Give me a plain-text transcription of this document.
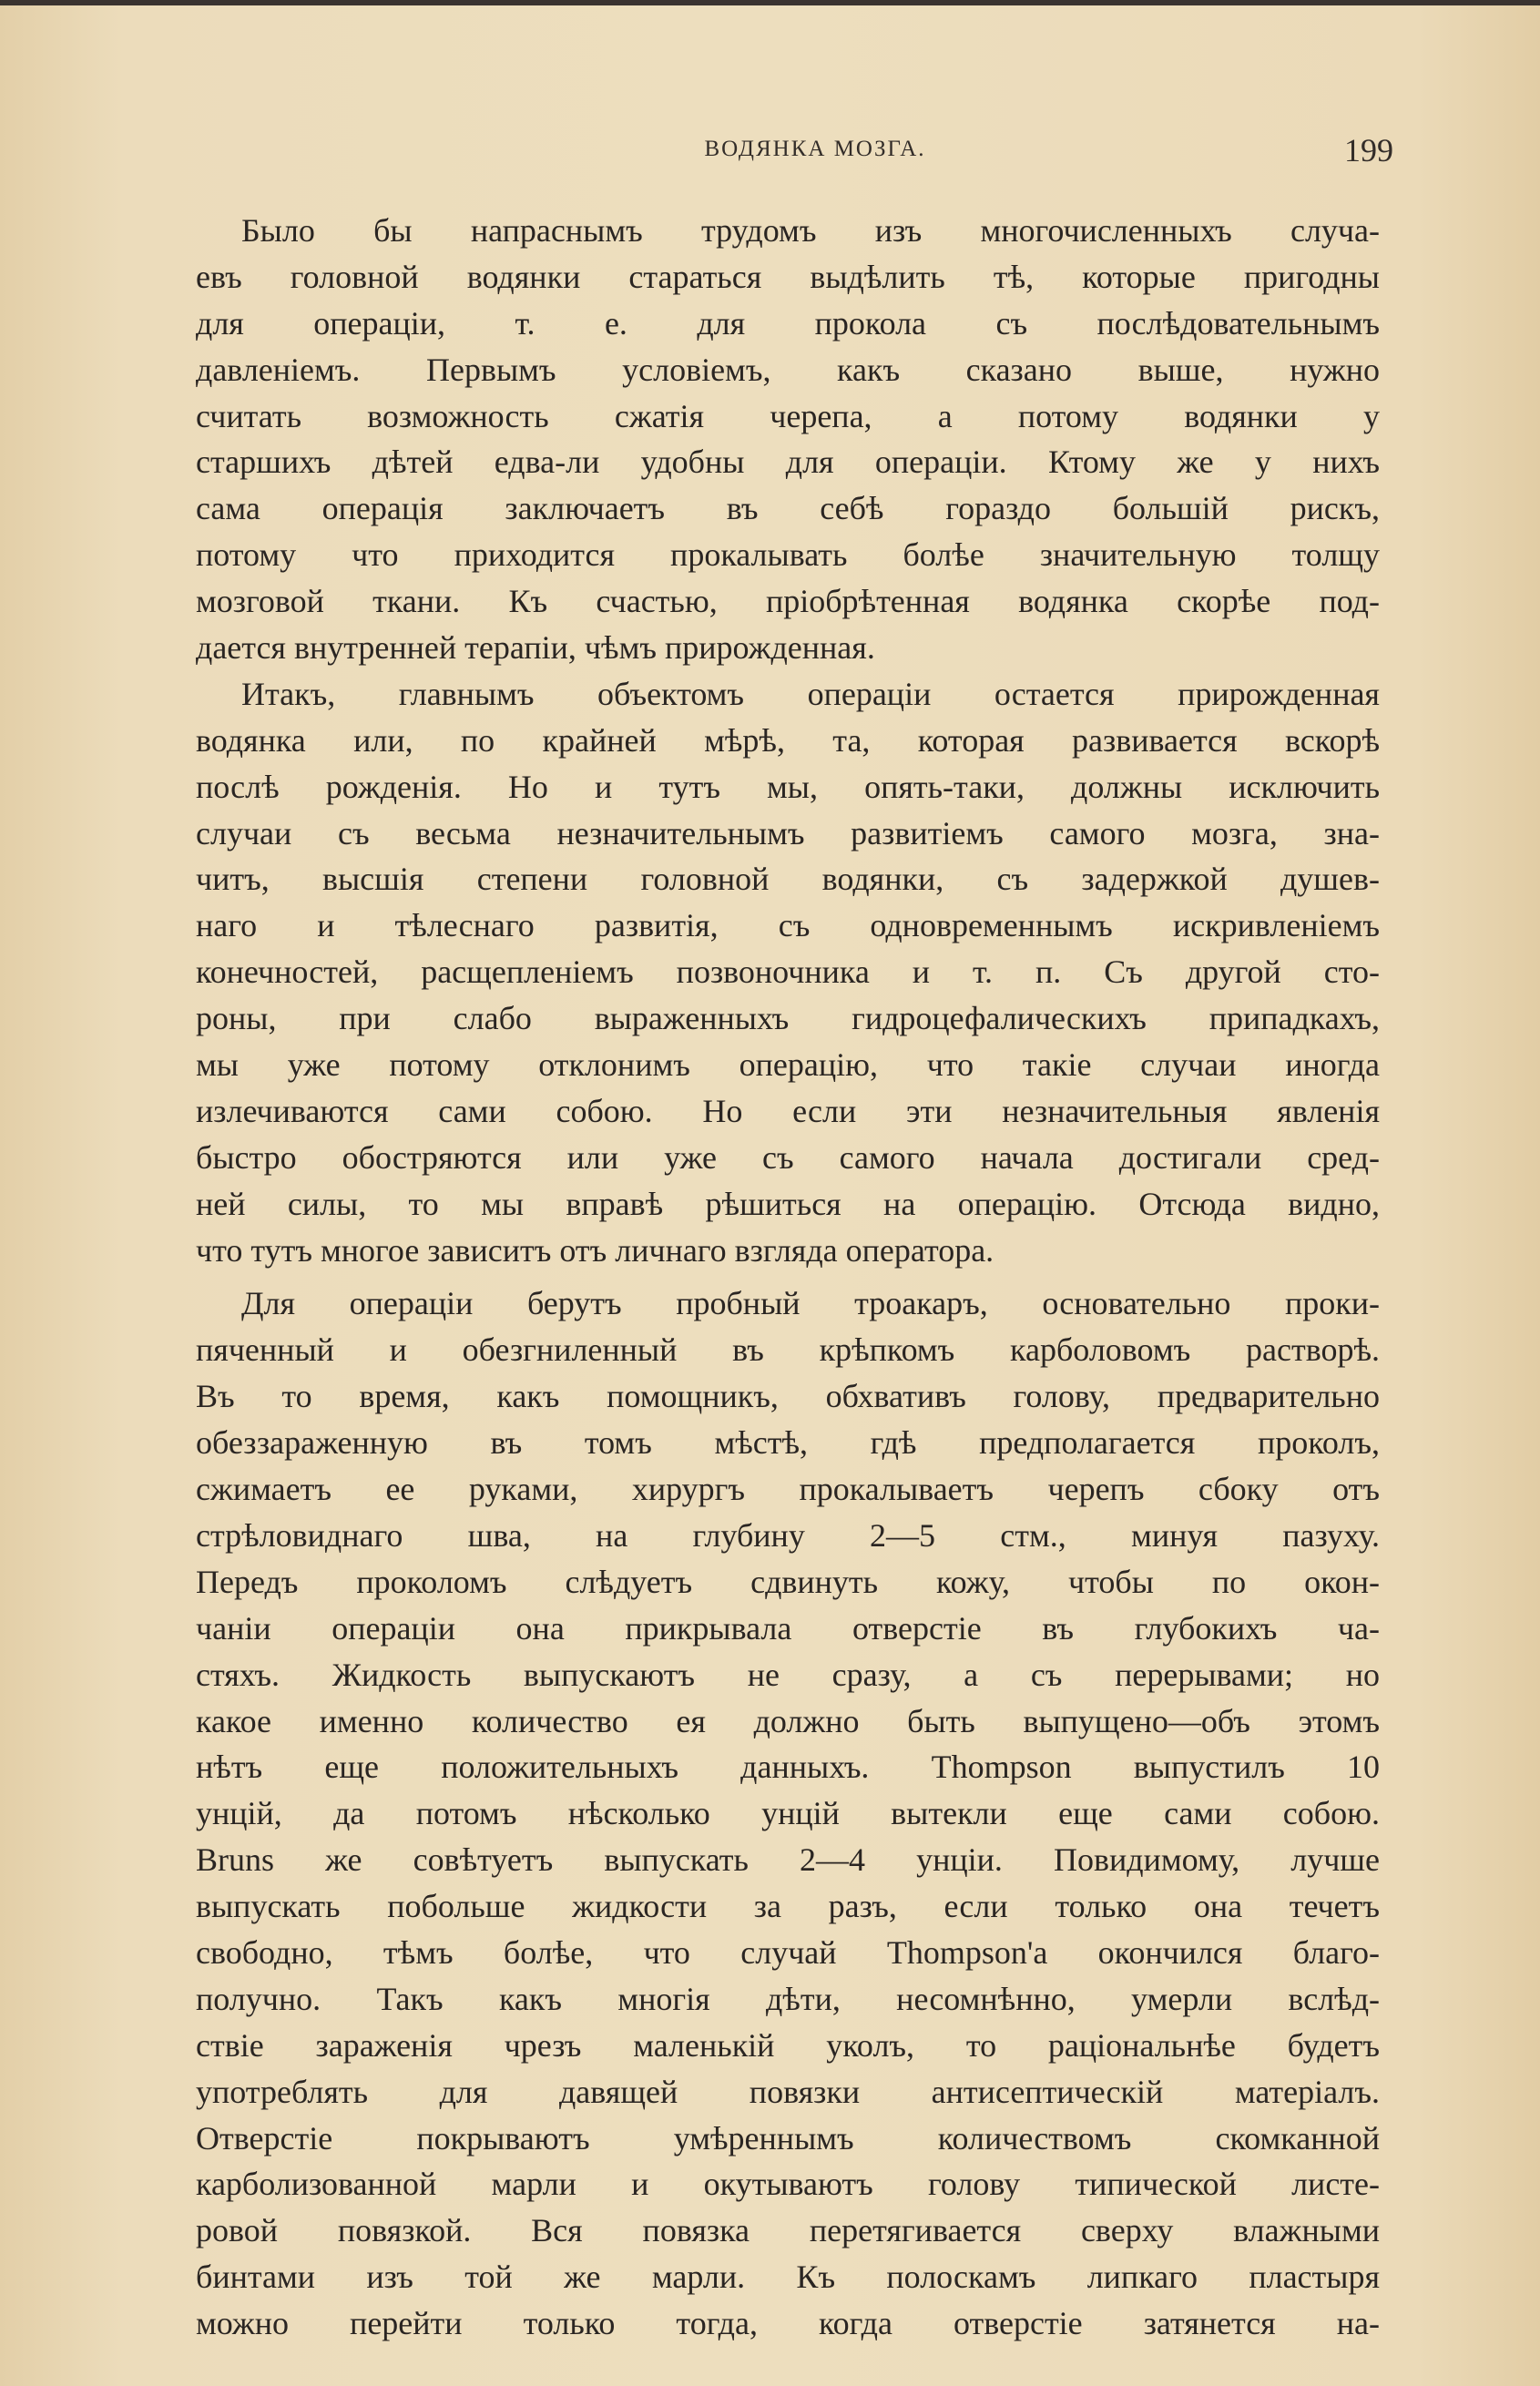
ВОДЯНКА МОЗГА.	199
Было бы напраснымъ трудомъ изъ многочисленныхъ случа-
евъ головной водянки стараться выдѣлить тѣ, которые пригодны
для операціи, т. е. для прокола съ послѣдовательнымъ
давленіемъ. Первымъ условіемъ, какъ сказано выше, нужно
считать возможность сжатія черепа, а потому водянки у
старшихъ дѣтей едва-ли удобны для операціи. Ктому же у нихъ
сама операція заключаетъ въ себѣ гораздо большій рискъ,
потому что приходится прокалывать болѣе значительную толщу
мозговой ткани. Къ счастью, пріобрѣтенная водянка скорѣе под-
дается внутренней терапіи, чѣмъ прирожденная.
Итакъ, главнымъ объектомъ операціи остается прирожденная
водянка или, по крайней мѣрѣ, та, которая развивается вскорѣ
послѣ рожденія. Но и тутъ мы, опять-таки, должны исключить
случаи съ весьма незначительнымъ развитіемъ самого мозга, зна-
читъ, высшія степени головной водянки, съ задержкой душев-
наго и тѣлеснаго развитія, съ одновременнымъ искривленіемъ
конечностей, расщепленіемъ позвоночника и т. п. Съ другой сто-
роны, при слабо выраженныхъ гидроцефалическихъ припадкахъ,
мы уже потому отклонимъ операцію, что такіе случаи иногда
излечиваются сами собою. Но если эти незначительныя явленія
быстро обостряются или уже съ самого начала достигали сред-
ней силы, то мы вправѣ рѣшиться на операцію. Отсюда видно,
что тутъ многое зависитъ отъ личнаго взгляда оператора.
Для операціи берутъ пробный троакаръ, основательно проки-
пяченный и обезгниленный въ крѣпкомъ карболовомъ растворѣ.
Въ то время, какъ помощникъ, обхвативъ голову, предварительно
обеззараженную въ томъ мѣстѣ, гдѣ предполагается проколъ,
сжимаетъ ее руками, хирургъ прокалываетъ черепъ сбоку отъ
стрѣловиднаго шва, на глубину 2—5 стм., минуя пазуху.
Передъ проколомъ слѣдуетъ сдвинуть кожу, чтобы по окон-
чаніи операціи она прикрывала отверстіе въ глубокихъ ча-
стяхъ. Жидкость выпускаютъ не сразу, а съ перерывами; но
какое именно количество ея должно быть выпущено—объ этомъ
нѣтъ еще положительныхъ данныхъ. Thompson выпустилъ 10
унцій, да потомъ нѣсколько унцій вытекли еще сами собою.
Bruns же совѣтуетъ выпускать 2—4 унціи. Повидимому, лучше
выпускать побольше жидкости за разъ, если только она течетъ
свободно, тѣмъ болѣе, что случай Thompson'а окончился благо-
получно. Такъ какъ многія дѣти, несомнѣнно, умерли вслѣд-
ствіе зараженія чрезъ маленькій уколъ, то раціональнѣе будетъ
употреблять для давящей повязки антисептическій матеріалъ.
Отверстіе покрываютъ умѣреннымъ количествомъ скомканной
карболизованной марли и окутываютъ голову типической листе-
ровой повязкой. Вся повязка перетягивается сверху влажными
бинтами изъ той же марли. Къ полоскамъ липкаго пластыря
можно перейти только тогда, когда отверстіе затянется на-
